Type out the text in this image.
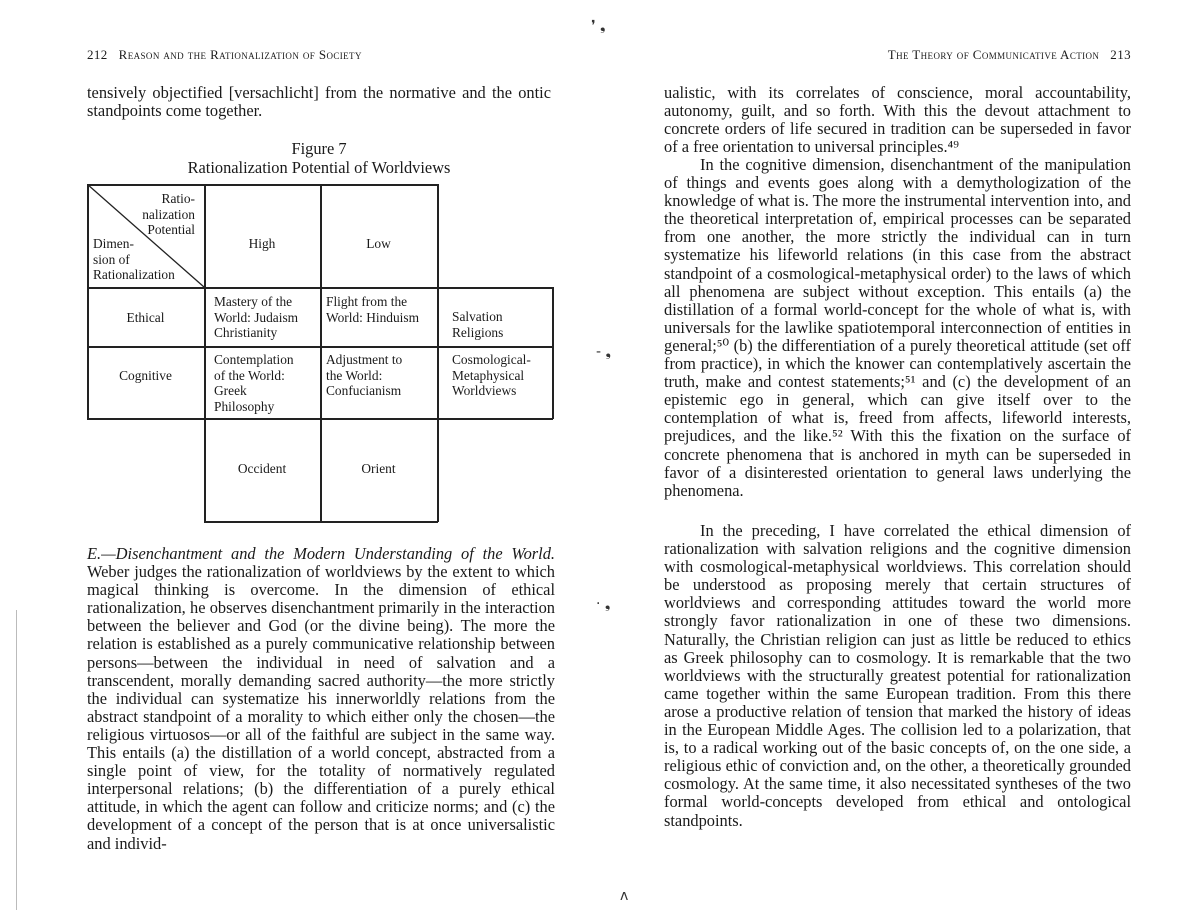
❜ ❟
- ❟
· ❟
ʌ
212 Reason and the Rationalization of Society

tensively objectified [versachlicht] from the normative and the ontic standpoints come together.

Figure 7
Rationalization Potential of Worldviews
Ratio-
nalization
Potential
Dimen-
sion of
Rationalization
High	Low
Ethical
Cognitive
Mastery of the
World: Judaism
Christianity
Flight from the
World: Hinduism Salvation
Religions
Contemplation
of the World:
Greek
Philosophy
Adjustment to
the World:
Confucianism
Cosmological-
Metaphysical
Worldviews
Occident	Orient

E.—Disenchantment and the Modern Understanding of the World. Weber judges the rationalization of worldviews by the extent to which magical thinking is overcome. In the dimension of ethical rationalization, he observes disenchantment primarily in the interaction between the believer and God (or the divine being). The more the relation is established as a purely communicative relationship between persons—between the individual in need of salvation and a transcendent, morally demanding sacred authority—the more strictly the individual can systematize his innerworldly relations from the abstract standpoint of a morality to which either only the chosen—the religious virtuosos—or all of the faithful are subject in the same way. This entails (a) the distillation of a world concept, abstracted from a single point of view, for the totality of normatively regulated interpersonal relations; (b) the differentiation of a purely ethical attitude, in which the agent can follow and criticize norms; and (c) the development of a concept of the person that is at once universalistic and individ-

The Theory of Communicative Action 213

ualistic, with its correlates of conscience, moral accountability, autonomy, guilt, and so forth. With this the devout attachment to concrete orders of life secured in tradition can be superseded in favor of a free orientation to universal principles.⁴⁹

In the cognitive dimension, disenchantment of the manipulation of things and events goes along with a demythologization of the knowledge of what is. The more the instrumental intervention into, and the theoretical interpretation of, empirical processes can be separated from one another, the more strictly the individual can in turn systematize his lifeworld relations (in this case from the abstract standpoint of a cosmological-metaphysical order) to the laws of which all phenomena are subject without exception. This entails (a) the distillation of a formal world-concept for the whole of what is, with universals for the lawlike spatiotemporal interconnection of entities in general;⁵⁰ (b) the differentiation of a purely theoretical attitude (set off from practice), in which the knower can contemplatively ascertain the truth, make and contest statements;⁵¹ and (c) the development of an epistemic ego in general, which can give itself over to the contemplation of what is, freed from affects, lifeworld interests, prejudices, and the like.⁵² With this the fixation on the surface of concrete phenomena that is anchored in myth can be superseded in favor of a disinterested orientation to general laws underlying the phenomena.

In the preceding, I have correlated the ethical dimension of rationalization with salvation religions and the cognitive dimension with cosmological-metaphysical worldviews. This correlation should be understood as proposing merely that certain structures of worldviews and corresponding attitudes toward the world more strongly favor rationalization in one of these two dimensions. Naturally, the Christian religion can just as little be reduced to ethics as Greek philosophy can to cosmology. It is remarkable that the two worldviews with the structurally greatest potential for rationalization came together within the same European tradition. From this there arose a productive relation of tension that marked the history of ideas in the European Middle Ages. The collision led to a polarization, that is, to a radical working out of the basic concepts of, on the one side, a religious ethic of conviction and, on the other, a theoretically grounded cosmology. At the same time, it also necessitated syntheses of the two formal world-concepts developed from ethical and ontological standpoints.
